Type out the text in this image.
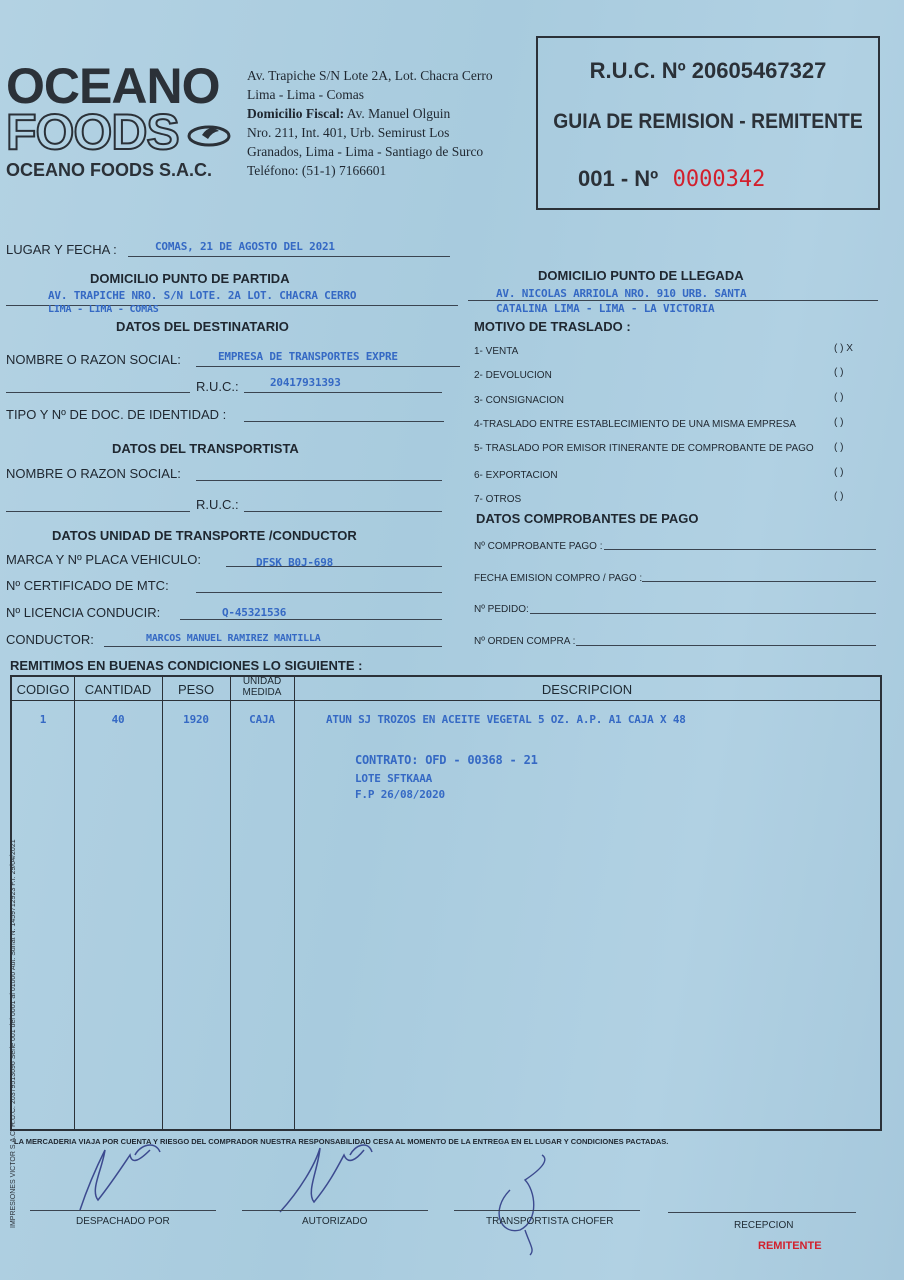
OCEANO
FOODS
OCEANO FOODS S.A.C.
Av. Trapiche S/N Lote 2A, Lot. Chacra Cerro
Lima - Lima - Comas
Domicilio Fiscal: Av. Manuel Olguin
Nro. 211, Int. 401, Urb. Semirust Los
Granados, Lima - Lima - Santiago de Surco
Teléfono: (51-1) 7166601
R.U.C. Nº 20605467327
GUIA DE REMISION - REMITENTE
001 - Nº 0000342
LUGAR Y FECHA :	COMAS, 21 DE AGOSTO DEL 2021
DOMICILIO PUNTO DE PARTIDA
AV. TRAPICHE NRO. S/N LOTE. 2A LOT. CHACRA CERRO
LIMA - LIMA - COMAS
DOMICILIO PUNTO DE LLEGADA
AV. NICOLAS ARRIOLA NRO. 910 URB. SANTA
CATALINA LIMA - LIMA - LA VICTORIA
DATOS DEL DESTINATARIO
NOMBRE O RAZON SOCIAL:	EMPRESA DE TRANSPORTES EXPRE
R.U.C.:	20417931393
TIPO Y Nº DE DOC. DE IDENTIDAD :
DATOS DEL TRANSPORTISTA
NOMBRE O RAZON SOCIAL:
R.U.C.:
DATOS UNIDAD DE TRANSPORTE /CONDUCTOR
MARCA Y Nº PLACA VEHICULO:	DFSK B0J-698
Nº CERTIFICADO DE MTC:
Nº LICENCIA CONDUCIR:	Q-45321536
CONDUCTOR:	MARCOS MANUEL RAMIREZ MANTILLA
MOTIVO DE TRASLADO :
1- VENTA	( ) X
2- DEVOLUCION	( )
3- CONSIGNACION	( )
4-TRASLADO ENTRE ESTABLECIMIENTO DE UNA MISMA EMPRESA	( )
5- TRASLADO POR EMISOR ITINERANTE DE COMPROBANTE DE PAGO ( )
6- EXPORTACION	( )
7- OTROS	( )
DATOS COMPROBANTES DE PAGO
Nº COMPROBANTE PAGO :
FECHA EMISION COMPRO / PAGO :
Nº PEDIDO:
Nº ORDEN COMPRA :
REMITIMOS EN BUENAS CONDICIONES LO SIGUIENTE :
CODIGO	CANTIDAD	PESO
UNIDAD
MEDIDA	DESCRIPCION
1	40	1920	CAJA	ATUN SJ TROZOS EN ACEITE VEGETAL 5 OZ. A.P. A1 CAJA X 48
CONTRATO: OFD - 00368 - 21
LOTE SFTKAAA
F.P 26/08/2020
LA MERCADERIA VIAJA POR CUENTA Y RIESGO DEL COMPRADOR NUESTRA RESPONSABILIDAD CESA AL MOMENTO DE LA ENTREGA EN EL LUGAR Y CONDICIONES PACTADAS.
DESPACHADO POR	AUTORIZADO	TRANSPORTISTA CHOFER	RECEPCION
REMITENTE
IMPRESIONES VICTOR S.A.C. R.U.C. 20379513696 Serie 001 del 0001 al 01000 Aut. Sunat N. 1459712923 F.I. 29/04/2021
